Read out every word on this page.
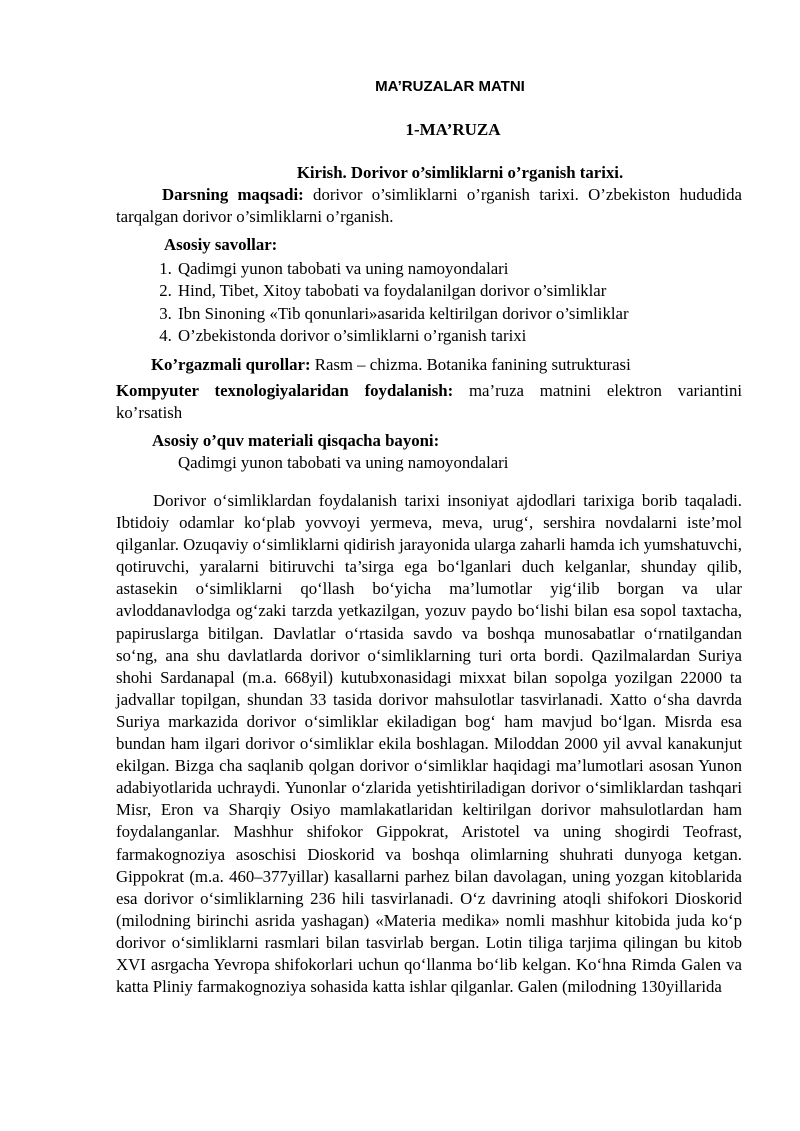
MA’RUZALAR MATNI
1-MA’RUZA
Kirish. Dorivor o’simliklarni o’rganish tarixi.
Darsning maqsadi: dorivor o’simliklarni o’rganish tarixi. O’zbekiston hududida tarqalgan dorivor o’simliklarni o’rganish.
Asosiy savollar:
1. Qadimgi yunon tabobati va uning namoyondalari
2. Hind, Tibet, Xitoy tabobati va foydalanilgan dorivor o’simliklar
3. Ibn Sinoning «Tib qonunlari»asarida keltirilgan dorivor o’simliklar
4. O’zbekistonda dorivor o’simliklarni o’rganish tarixi
Ko’rgazmali qurollar: Rasm – chizma. Botanika fanining sutrukturasi
Kompyuter texnologiyalaridan foydalanish: ma’ruza matnini elektron variantini ko’rsatish
Asosiy o’quv materiali qisqacha bayoni:
Qadimgi yunon tabobati va uning namoyondalari
Dorivor o‘simliklardan foydalanish tarixi insoniyat ajdodlari tarixiga borib taqaladi. Ibtidoiy odamlar ko‘plab yovvoyi yermeva, meva, urug‘, sershira novdalarni iste’mol qilganlar. Ozuqaviy o‘simliklarni qidirish jarayonida ularga zaharli hamda ich yumshatuvchi, qotiruvchi, yaralarni bitiruvchi ta’sirga ega bo‘lganlari duch kelganlar, shunday qilib, astasekin o‘simliklarni qo‘llash bo‘yicha ma’lumotlar yig‘ilib borgan va ular avloddanavlodga og‘zaki tarzda yetkazilgan, yozuv paydo bo‘lishi bilan esa sopol taxtacha, papiruslarga bitilgan. Davlatlar o‘rtasida savdo va boshqa munosabatlar o‘rnatilgandan so‘ng, ana shu davlatlarda dorivor o‘simliklarning turi orta bordi. Qazilmalardan Suriya shohi Sardanapal (m.a. 668yil) kutubxonasidagi mixxat bilan sopolga yozilgan 22000 ta jadvallar topilgan, shundan 33 tasida dorivor mahsulotlar tasvirlanadi. Xatto o‘sha davrda Suriya markazida dorivor o‘simliklar ekiladigan bog‘ ham mavjud bo‘lgan. Misrda esa bundan ham ilgari dorivor o‘simliklar ekila boshlagan. Miloddan 2000 yil avval kanakunjut ekilgan. Bizga cha saqlanib qolgan dorivor o‘simliklar haqidagi ma’lumotlari asosan Yunon adabiyotlarida uchraydi. Yunonlar o‘zlarida yetishtiriladigan dorivor o‘simliklardan tashqari Misr, Eron va Sharqiy Osiyo mamlakatlaridan keltirilgan dorivor mahsulotlardan ham foydalanganlar. Mashhur shifokor Gippokrat, Aristotel va uning shogirdi Teofrast, farmakognoziya asoschisi Dioskorid va boshqa olimlarning shuhrati dunyoga ketgan. Gippokrat (m.a. 460–377yillar) kasallarni parhez bilan davolagan, uning yozgan kitoblarida esa dorivor o‘simliklarning 236 hili tasvirlanadi. O‘z davrining atoqli shifokori Dioskorid (milodning birinchi asrida yashagan) «Materia medika» nomli mashhur kitobida juda ko‘p dorivor o‘simliklarni rasmlari bilan tasvirlab bergan. Lotin tiliga tarjima qilingan bu kitob XVI asrgacha Yevropa shifokorlari uchun qo‘llanma bo‘lib kelgan. Ko‘hna Rimda Galen va katta Pliniy farmakognoziya sohasida katta ishlar qilganlar. Galen (milodning 130yillarida
